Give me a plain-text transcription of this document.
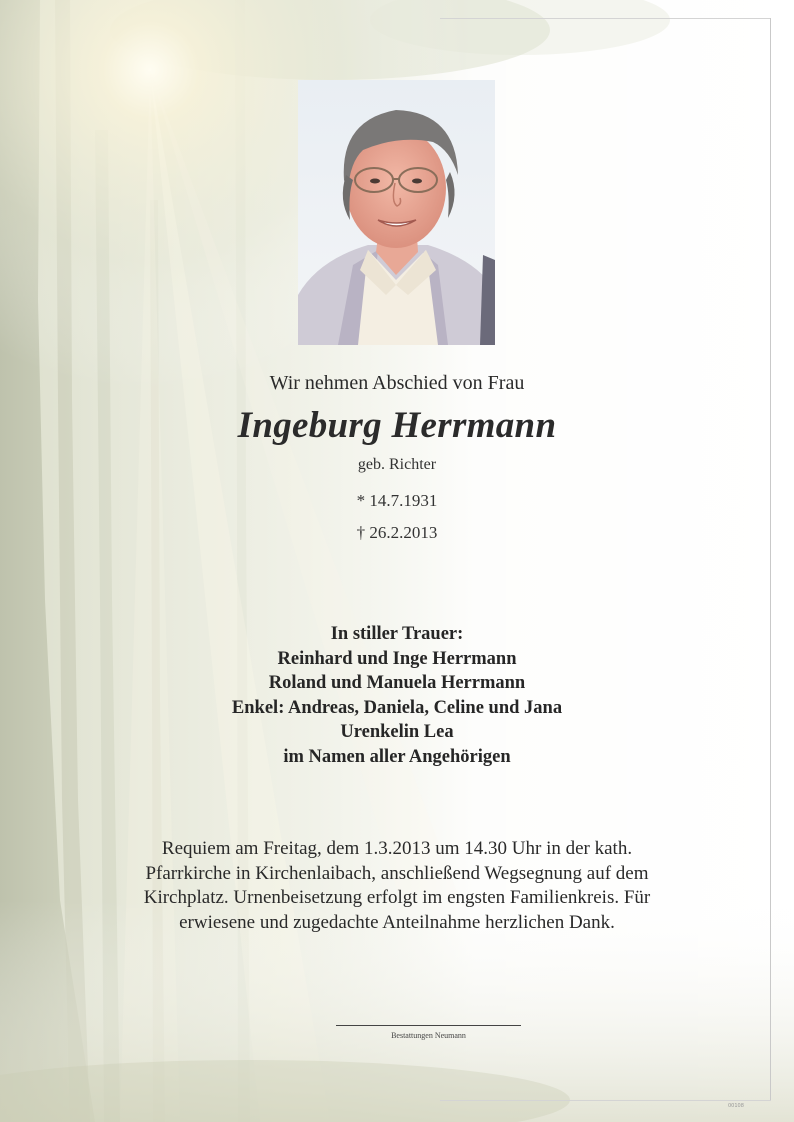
Wir nehmen Abschied von Frau
Ingeburg Herrmann
geb. Richter
* 14.7.1931
† 26.2.2013
In stiller Trauer:
Reinhard und Inge Herrmann
Roland und Manuela Herrmann
Enkel: Andreas, Daniela, Celine und Jana
Urenkelin Lea
im Namen aller Angehörigen
Requiem am Freitag, dem 1.3.2013 um 14.30 Uhr in der kath.
Pfarrkirche in Kirchenlaibach, anschließend Wegsegnung auf dem
Kirchplatz. Urnenbeisetzung erfolgt im engsten Familienkreis. Für
erwiesene und zugedachte Anteilnahme herzlichen Dank.
Bestattungen Neumann
00108
